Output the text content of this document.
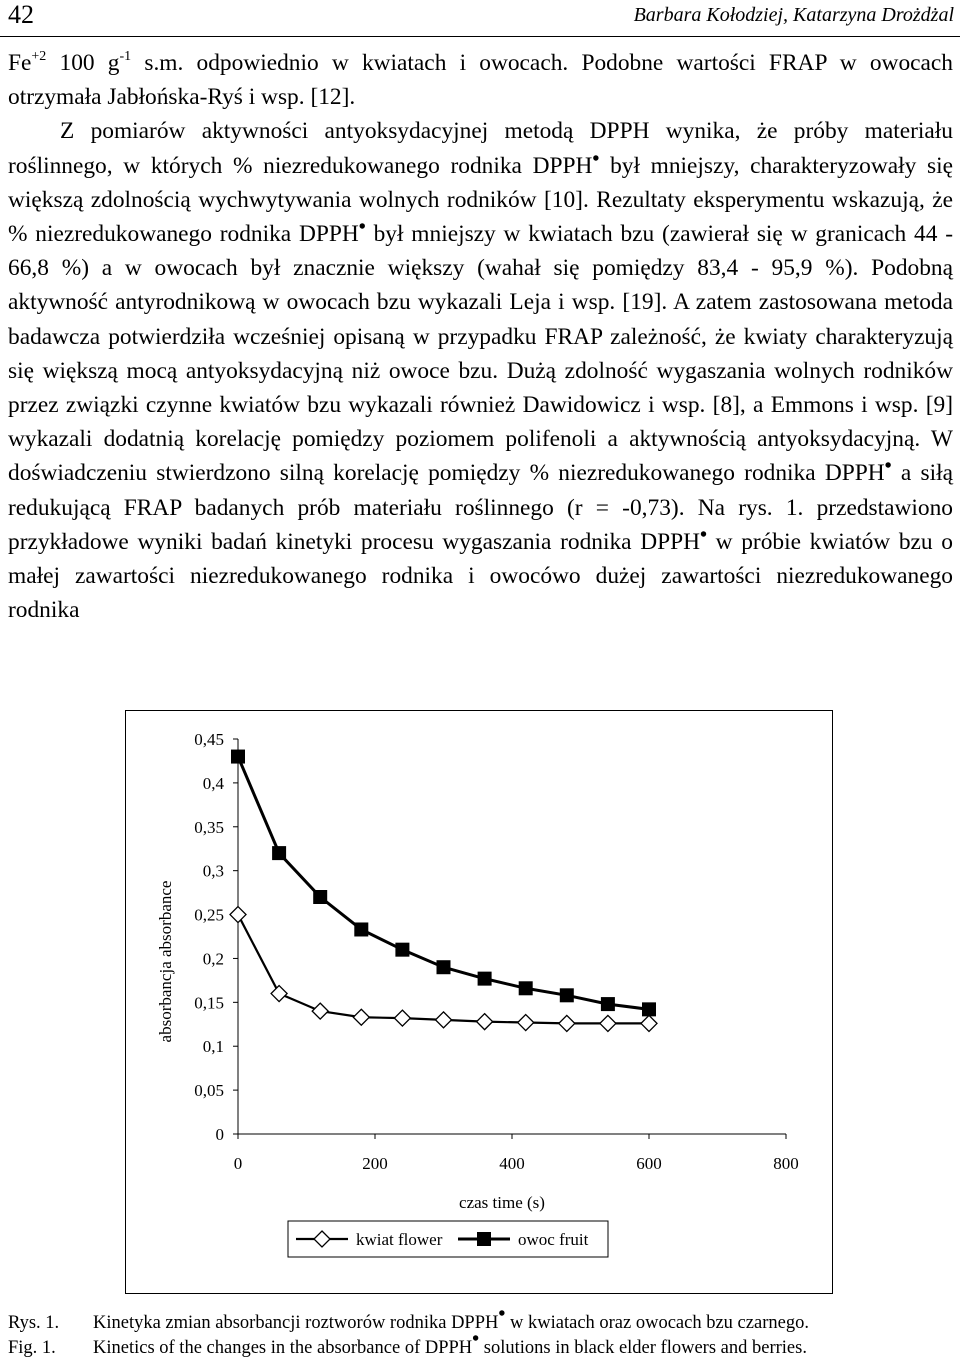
42	Barbara Kołodziej, Katarzyna Drożdżal

$Fe^{+2}$ 100 $g^{-1}$ s.m. odpowiednio w kwiatach i owocach. Podobne wartości FRAP w owocach otrzymała Jabłońska-Ryś i wsp. [12].

Z pomiarów aktywności antyoksydacyjnej metodą DPPH wynika, że próby materiału roślinnego, w których % niezredukowanego rodnika DPPH• był mniejszy, charakteryzowały się większą zdolnością wychwytywania wolnych rodników [10]. Rezultaty eksperymentu wskazują, że % niezredukowanego rodnika DPPH• był mniejszy w kwiatach bzu (zawierał się w granicach 44 - 66,8 %) a w owocach był znacznie większy (wahał się pomiędzy 83,4 - 95,9 %). Podobną aktywność antyrodnikową w owocach bzu wykazali Leja i wsp. [19]. A zatem zastosowana metoda badawcza potwierdziła wcześniej opisaną w przypadku FRAP zależność, że kwiaty charakteryzują się większą mocą antyoksydacyjną niż owoce bzu. Dużą zdolność wygaszania wolnych rodników przez związki czynne kwiatów bzu wykazali również Dawidowicz i wsp. [8], a Emmons i wsp. [9] wykazali dodatnią korelację pomiędzy poziomem polifenoli a aktywnością antyoksydacyjną. W doświadczeniu stwierdzono silną korelację pomiędzy % niezredukowanego rodnika DPPH• a siłą redukującą FRAP badanych prób materiału roślinnego (r = -0,73). Na rys. 1. przedstawiono przykładowe wyniki badań kinetyki procesu wygaszania rodnika DPPH• w próbie kwiatów bzu o małej zawartości niezredukowanego rodnika i owocówo dużej zawartości niezredukowanego rodnika

0
0,05
0,1
0,15
0,2
0,25
0,3
0,35
0,4
0,45
0	200	400	600	800
czas time (s)
absorbancja absorbance
kwiat flower	owoc fruit
Rys. 1. Kinetyka zmian absorbancji roztworów rodnika DPPH• w kwiatach oraz owocach bzu czarnego.
Fig. 1. Kinetics of the changes in the absorbance of DPPH• solutions in black elder flowers and berries.
